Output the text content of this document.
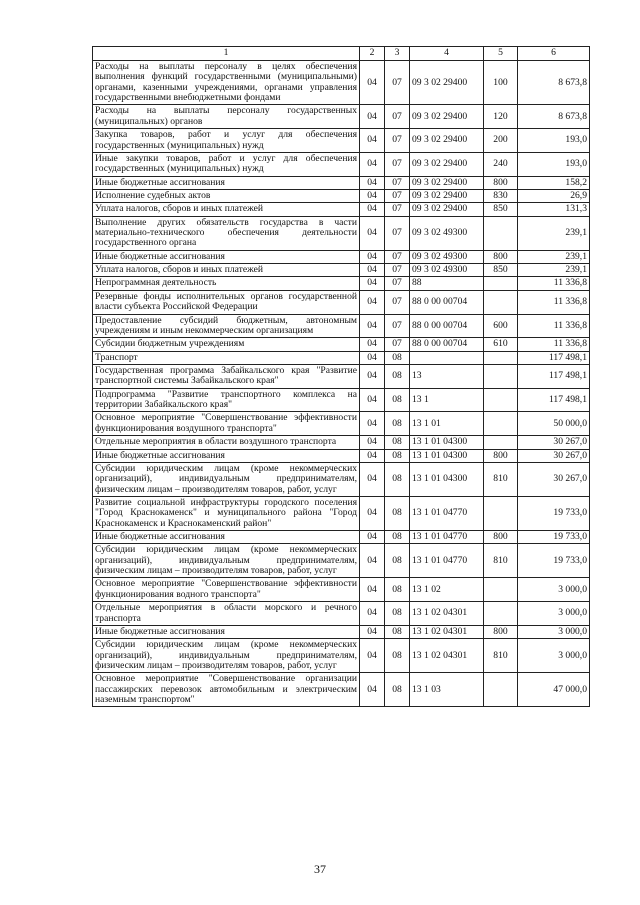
1	2	3	4	5	6
Расходы на выплаты персоналу в целях обеспечения выполнения функций государственными (муниципальными) органами, казенными учреждениями, органами управления государственными внебюджетными фондами	04	07	09 3 02 29400	100	8 673,8
Расходы на выплаты персоналу государственных (муниципальных) органов	04	07	09 3 02 29400	120	8 673,8
Закупка товаров, работ и услуг для обеспечения государственных (муниципальных) нужд	04	07	09 3 02 29400	200	193,0
Иные закупки товаров, работ и услуг для обеспечения государственных (муниципальных) нужд	04	07	09 3 02 29400	240	193,0
Иные бюджетные ассигнования	04	07	09 3 02 29400	800	158,2
Исполнение судебных актов	04	07	09 3 02 29400	830	26,9
Уплата налогов, сборов и иных платежей	04	07	09 3 02 29400	850	131,3
Выполнение других обязательств государства в части материально-технического обеспечения деятельности государственного органа	04	07	09 3 02 49300		239,1
Иные бюджетные ассигнования	04	07	09 3 02 49300	800	239,1
Уплата налогов, сборов и иных платежей	04	07	09 3 02 49300	850	239,1
Непрограммная деятельность	04	07	88		11 336,8
Резервные фонды исполнительных органов государственной власти субъекта Российской Федерации	04	07	88 0 00 00704		11 336,8
Предоставление субсидий бюджетным, автономным учреждениям и иным некоммерческим организациям	04	07	88 0 00 00704	600	11 336,8
Субсидии бюджетным учреждениям	04	07	88 0 00 00704	610	11 336,8
Транспорт	04	08			117 498,1
Государственная программа Забайкальского края "Развитие транспортной системы Забайкальского края"	04	08	13		117 498,1
Подпрограмма "Развитие транспортного комплекса на территории Забайкальского края"	04	08	13 1		117 498,1
Основное мероприятие "Совершенствование эффективности функционирования воздушного транспорта"	04	08	13 1 01		50 000,0
Отдельные мероприятия в области воздушного транспорта	04	08	13 1 01 04300		30 267,0
Иные бюджетные ассигнования	04	08	13 1 01 04300	800	30 267,0
Субсидии юридическим лицам (кроме некоммерческих организаций), индивидуальным предпринимателям, физическим лицам – производителям товаров, работ, услуг	04	08	13 1 01 04300	810	30 267,0
Развитие социальной инфраструктуры городского поселения "Город Краснокаменск" и муниципального района "Город Краснокаменск и Краснокаменский район"	04	08	13 1 01 04770		19 733,0
Иные бюджетные ассигнования	04	08	13 1 01 04770	800	19 733,0
Субсидии юридическим лицам (кроме некоммерческих организаций), индивидуальным предпринимателям, физическим лицам – производителям товаров, работ, услуг	04	08	13 1 01 04770	810	19 733,0
Основное мероприятие "Совершенствование эффективности функционирования водного транспорта"	04	08	13 1 02		3 000,0
Отдельные мероприятия в области морского и речного транспорта	04	08	13 1 02 04301		3 000,0
Иные бюджетные ассигнования	04	08	13 1 02 04301	800	3 000,0
Субсидии юридическим лицам (кроме некоммерческих организаций), индивидуальным предпринимателям, физическим лицам – производителям товаров, работ, услуг	04	08	13 1 02 04301	810	3 000,0
Основное мероприятие "Совершенствование организации пассажирских перевозок автомобильным и электрическим наземным транспортом"	04	08	13 1 03		47 000,0
37
